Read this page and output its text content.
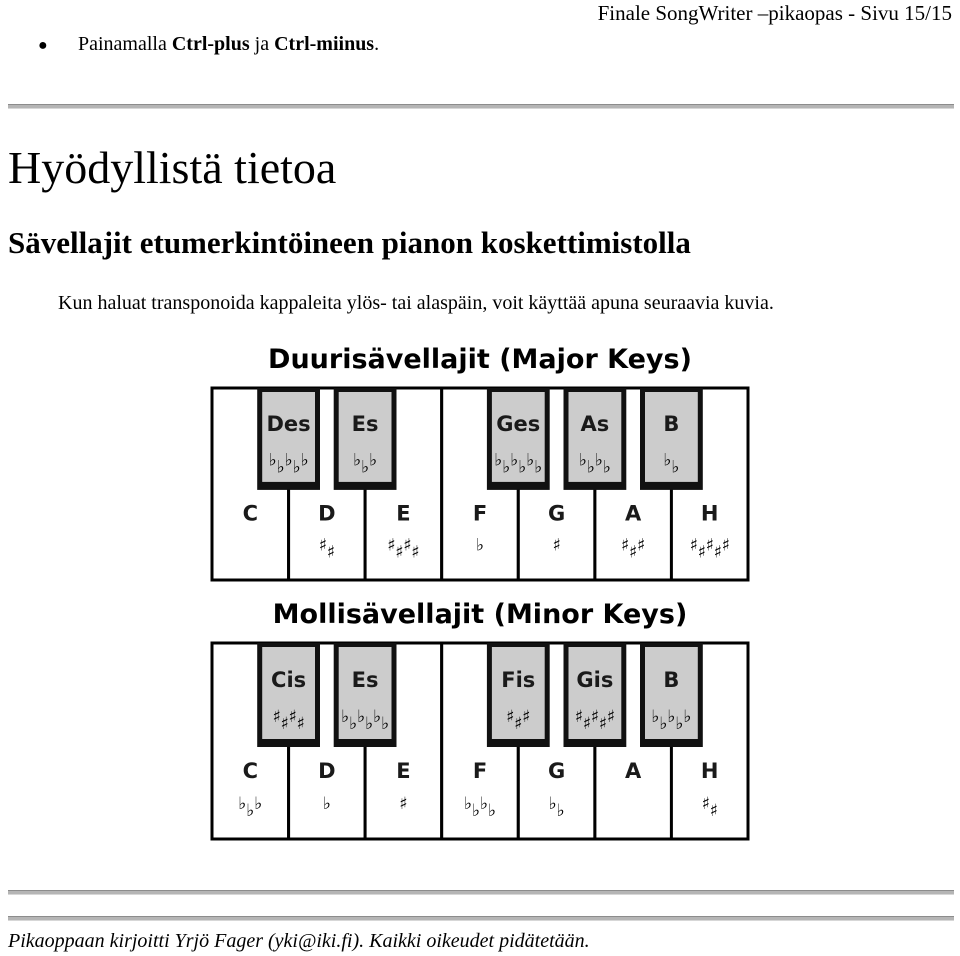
Finale SongWriter –pikaopas - Sivu 15/15
● Painamalla Ctrl-plus ja Ctrl-miinus.
Hyödyllistä tietoa
Sävellajit etumerkintöineen pianon koskettimistolla
Kun haluat transponoida kappaleita ylös- tai alaspäin, voit käyttää apuna seuraavia kuvia.
Duurisävellajit (Major Keys)
C	D
♯ ♯
E
♯ ♯ ♯ ♯
F
♭
G
♯
A
♯ ♯ ♯
H
♯ ♯ ♯ ♯ ♯
Des
♭ ♭ ♭ ♭ ♭
Es
♭ ♭ ♭
Ges
♭ ♭ ♭ ♭ ♭ ♭
As
♭ ♭ ♭ ♭
B
♭ ♭
Mollisävellajit (Minor Keys)
C
♭ ♭ ♭
D
♭
E
♯
F
♭ ♭ ♭ ♭
G
♭ ♭
A	H
♯ ♯
Cis
♯ ♯ ♯ ♯
Es
♭ ♭ ♭ ♭ ♭ ♭
Fis
♯ ♯ ♯
Gis
♯ ♯ ♯ ♯ ♯
B
♭ ♭ ♭ ♭ ♭
Pikaoppaan kirjoitti Yrjö Fager (yki@iki.fi). Kaikki oikeudet pidätetään.
